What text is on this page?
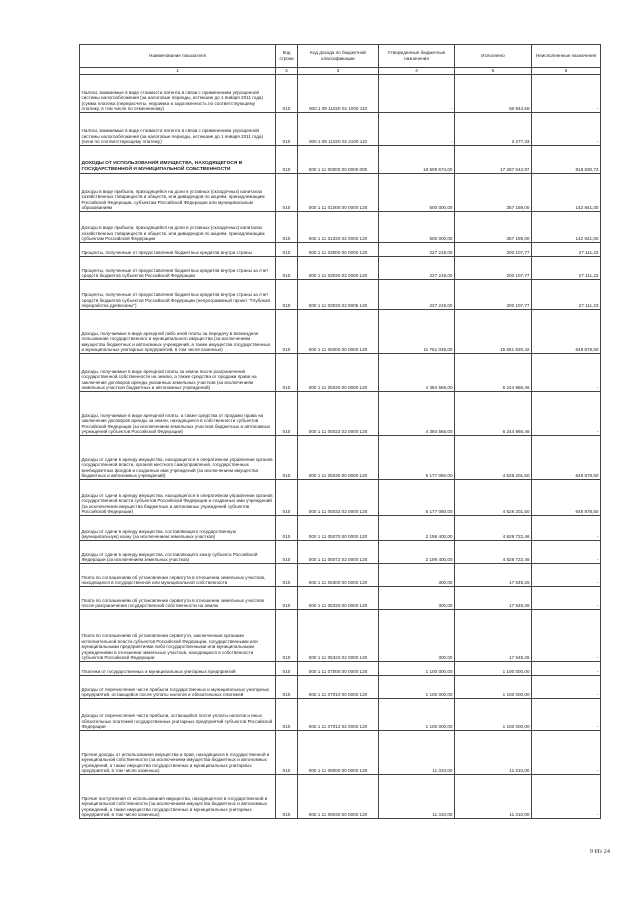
Наименование показателя	Код строки	Код дохода по бюджетной классификации	Утвержденные бюджетные назначения	Исполнено	Неисполненные назначения
1	2	3	4	5	6
Налоги, взимаемые в виде стоимости патента в связи с применением упрощенной системы налогообложения (за налоговые периоды, истекшие до 1 января 2011 года) (сумма платежа (перерасчеты, недоимка и задолженность по соответствующему платежу, в том числе по отмененному)	010	000 1 09 11020 02 1000 110	-	56 944,58	-
Налоги, взимаемые в виде стоимости патента в связи с применением упрощенной системы налогообложения (за налоговые периоды, истекшие до 1 января 2011 года) (пени по соответствующему платежу)	010	000 1 09 11020 02 2100 110	-	3 277,33	-
ДОХОДЫ ОТ ИСПОЛЬЗОВАНИЯ ИМУЩЕСТВА, НАХОДЯЩЕГОСЯ В ГОСУДАРСТВЕННОЙ И МУНИЦИПАЛЬНОЙ СОБСТВЕННОСТИ	010	000 1 11 00000 00 0000 000	18 509 674,00	17 287 642,97	818 630,73
Доходы в виде прибыли, приходящейся на доли в уставных (складочных) капиталах хозяйственных товариществ и обществ, или дивидендов по акциям, принадлежащим Российской Федерации, субъектам Российской Федерации или муниципальным образованиям	010	000 1 11 01000 00 0000 120	500 000,00	357 159,00	142 841,00
Доходы в виде прибыли, приходящейся на доли в уставных (складочных) капиталах хозяйственных товариществ и обществ, или дивидендов по акциям, принадлежащим субъектам Российской Федерации	010	000 1 11 01020 02 0000 120	500 000,00	357 159,00	142 841,00
Проценты, полученные от предоставления бюджетных кредитов внутри страны	010	000 1 11 03000 00 0000 120	227 219,00	200 107,77	27 111,23
Проценты, полученные от предоставления бюджетных кредитов внутри страны за счет средств бюджетов субъектов Российской Федерации	010	000 1 11 03020 02 0000 120	227 219,00	200 107,77	27 111,23
Проценты, полученные от предоставления бюджетных кредитов внутри страны за счет средств бюджетов субъектов Российской Федерации (непрограммный проект "Глубокая переработка древесины")	010	000 1 11 03020 02 9005 120	227 219,00	200 107,77	27 111,23
Доходы, получаемые в виде арендной либо иной платы за передачу в возмездное пользование государственного и муниципального имущества (за исключением имущества бюджетных и автономных учреждений, а также имущества государственных и муниципальных унитарных предприятий, в том числе казенных)	010	000 1 11 05000 00 0000 120	11 761 045,00	15 661 920,42	648 678,50
Доходы, получаемые в виде арендной платы за земли после разграничения государственной собственности на землю, а также средства от продажи права на заключение договоров аренды указанных земельных участков (за исключением земельных участков бюджетных и автономных учреждений)	010	000 1 11 05020 00 0000 120	4 384 565,00	6 244 966,46	-
Доходы, получаемые в виде арендной платы, а также средства от продажи права на заключение договоров аренды за земли, находящиеся в собственности субъектов Российской Федерации (за исключением земельных участков бюджетных и автономных учреждений субъектов Российской Федерации)	010	000 1 11 05022 02 0000 120	4 384 565,00	6 244 966,46	-
Доходы от сдачи в аренду имущества, находящегося в оперативном управлении органов государственной власти, органов местного самоуправления, государственных внебюджетных фондов и созданных ими учреждений (за исключением имущества бюджетных и автономных учреждений)	010	000 1 11 05030 00 0000 120	5 177 080,00	4 528 201,50	648 878,50
Доходы от сдачи в аренду имущества, находящегося в оперативном управлении органов государственной власти субъектов Российской Федерации и созданных ими учреждений (за исключением имущества бюджетных и автономных учреждений субъектов Российской Федерации)	010	000 1 11 05032 02 0000 120	5 177 080,00	4 528 201,50	648 878,50
Доходы от сдачи в аренду имущества, составляющего государственную (муниципальную) казну (за исключением земельных участков)	010	000 1 11 05070 00 0000 120	2 199 400,00	4 828 722,46	-
Доходы от сдачи в аренду имущества, составляющего казну субъекта Российской Федерации (за исключением земельных участков)	010	000 1 11 05072 02 0000 120	2 199 400,00	4 828 722,46	-
Плата по соглашениям об установлении сервитута в отношении земельных участков, находящихся в государственной или муниципальной собственности	010	000 1 11 05300 00 0000 120	300,00	17 549,26	-
Плата по соглашениям об установлении сервитута в отношении земельных участков после разграничения государственной собственности на землю	010	000 1 11 05320 00 0000 120	300,00	17 549,26	-
Плата по соглашениям об установлении сервитута, заключенным органами исполнительной власти субъектов Российской Федерации, государственными или муниципальными предприятиями либо государственными или муниципальными учреждениями в отношении земельных участков, находящихся в собственности субъектов Российской Федерации	010	000 1 11 05322 02 0000 120	300,00	17 549,26	-
Платежи от государственных и муниципальных унитарных предприятий	010	000 1 11 07000 00 0000 120	1 100 000,00	1 100 000,00	-
Доходы от перечисления части прибыли государственных и муниципальных унитарных предприятий, остающейся после уплаты налогов и обязательных платежей	010	000 1 11 07010 00 0000 120	1 100 000,00	1 100 000,00	-
Доходы от перечисления части прибыли, остающейся после уплаты налогов и иных обязательных платежей государственных унитарных предприятий субъектов Российской Федерации	010	000 1 11 07012 02 0000 120	1 100 000,00	1 100 000,00	-
Прочие доходы от использования имущества и прав, находящихся в государственной и муниципальной собственности (за исключением имущества бюджетных и автономных учреждений, а также имущества государственных и муниципальных унитарных предприятий, в том числе казенных)	010	000 1 11 09000 00 0000 120	11 310,00	11 310,00	-
Прочие поступления от использования имущества, находящегося в государственной и муниципальной собственности (за исключением имущества бюджетных и автономных учреждений, а также имущества государственных и муниципальных унитарных предприятий, в том числе казенных)	010	000 1 11 09040 00 0000 120	11 310,00	11 310,00	-
9 Из 24
